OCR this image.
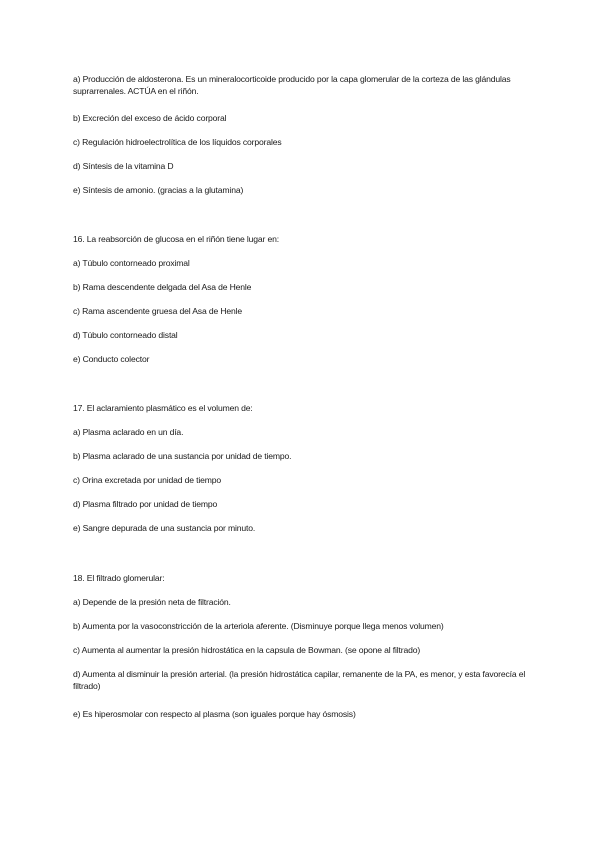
a) Producción de aldosterona. Es un mineralocorticoide producido por la capa glomerular de la corteza de las glándulas suprarrenales. ACTÚA en el riñón.
b) Excreción del exceso de ácido corporal
c) Regulación hidroelectrolítica de los líquidos corporales
d) Síntesis de la vitamina D
e) Síntesis de amonio. (gracias a la glutamina)
16. La reabsorción de glucosa en el riñón tiene lugar en:
a) Túbulo contorneado proximal
b) Rama descendente delgada del Asa de Henle
c) Rama ascendente gruesa del Asa de Henle
d) Túbulo contorneado distal
e) Conducto colector
17. El aclaramiento plasmático es el volumen de:
a) Plasma aclarado en un día.
b) Plasma aclarado de una sustancia por unidad de tiempo.
c) Orina excretada por unidad de tiempo
d) Plasma filtrado por unidad de tiempo
e) Sangre depurada de una sustancia por minuto.
18. El filtrado glomerular:
a) Depende de la presión neta de filtración.
b) Aumenta por la vasoconstricción de la arteriola aferente. (Disminuye porque llega menos volumen)
c) Aumenta al aumentar la presión hidrostática en la capsula de Bowman. (se opone al filtrado)
d) Aumenta al disminuir la presión arterial. (la presión hidrostática capilar, remanente de la PA, es menor, y esta favorecía el filtrado)
e) Es hiperosmolar con respecto al plasma (son iguales porque hay ósmosis)
